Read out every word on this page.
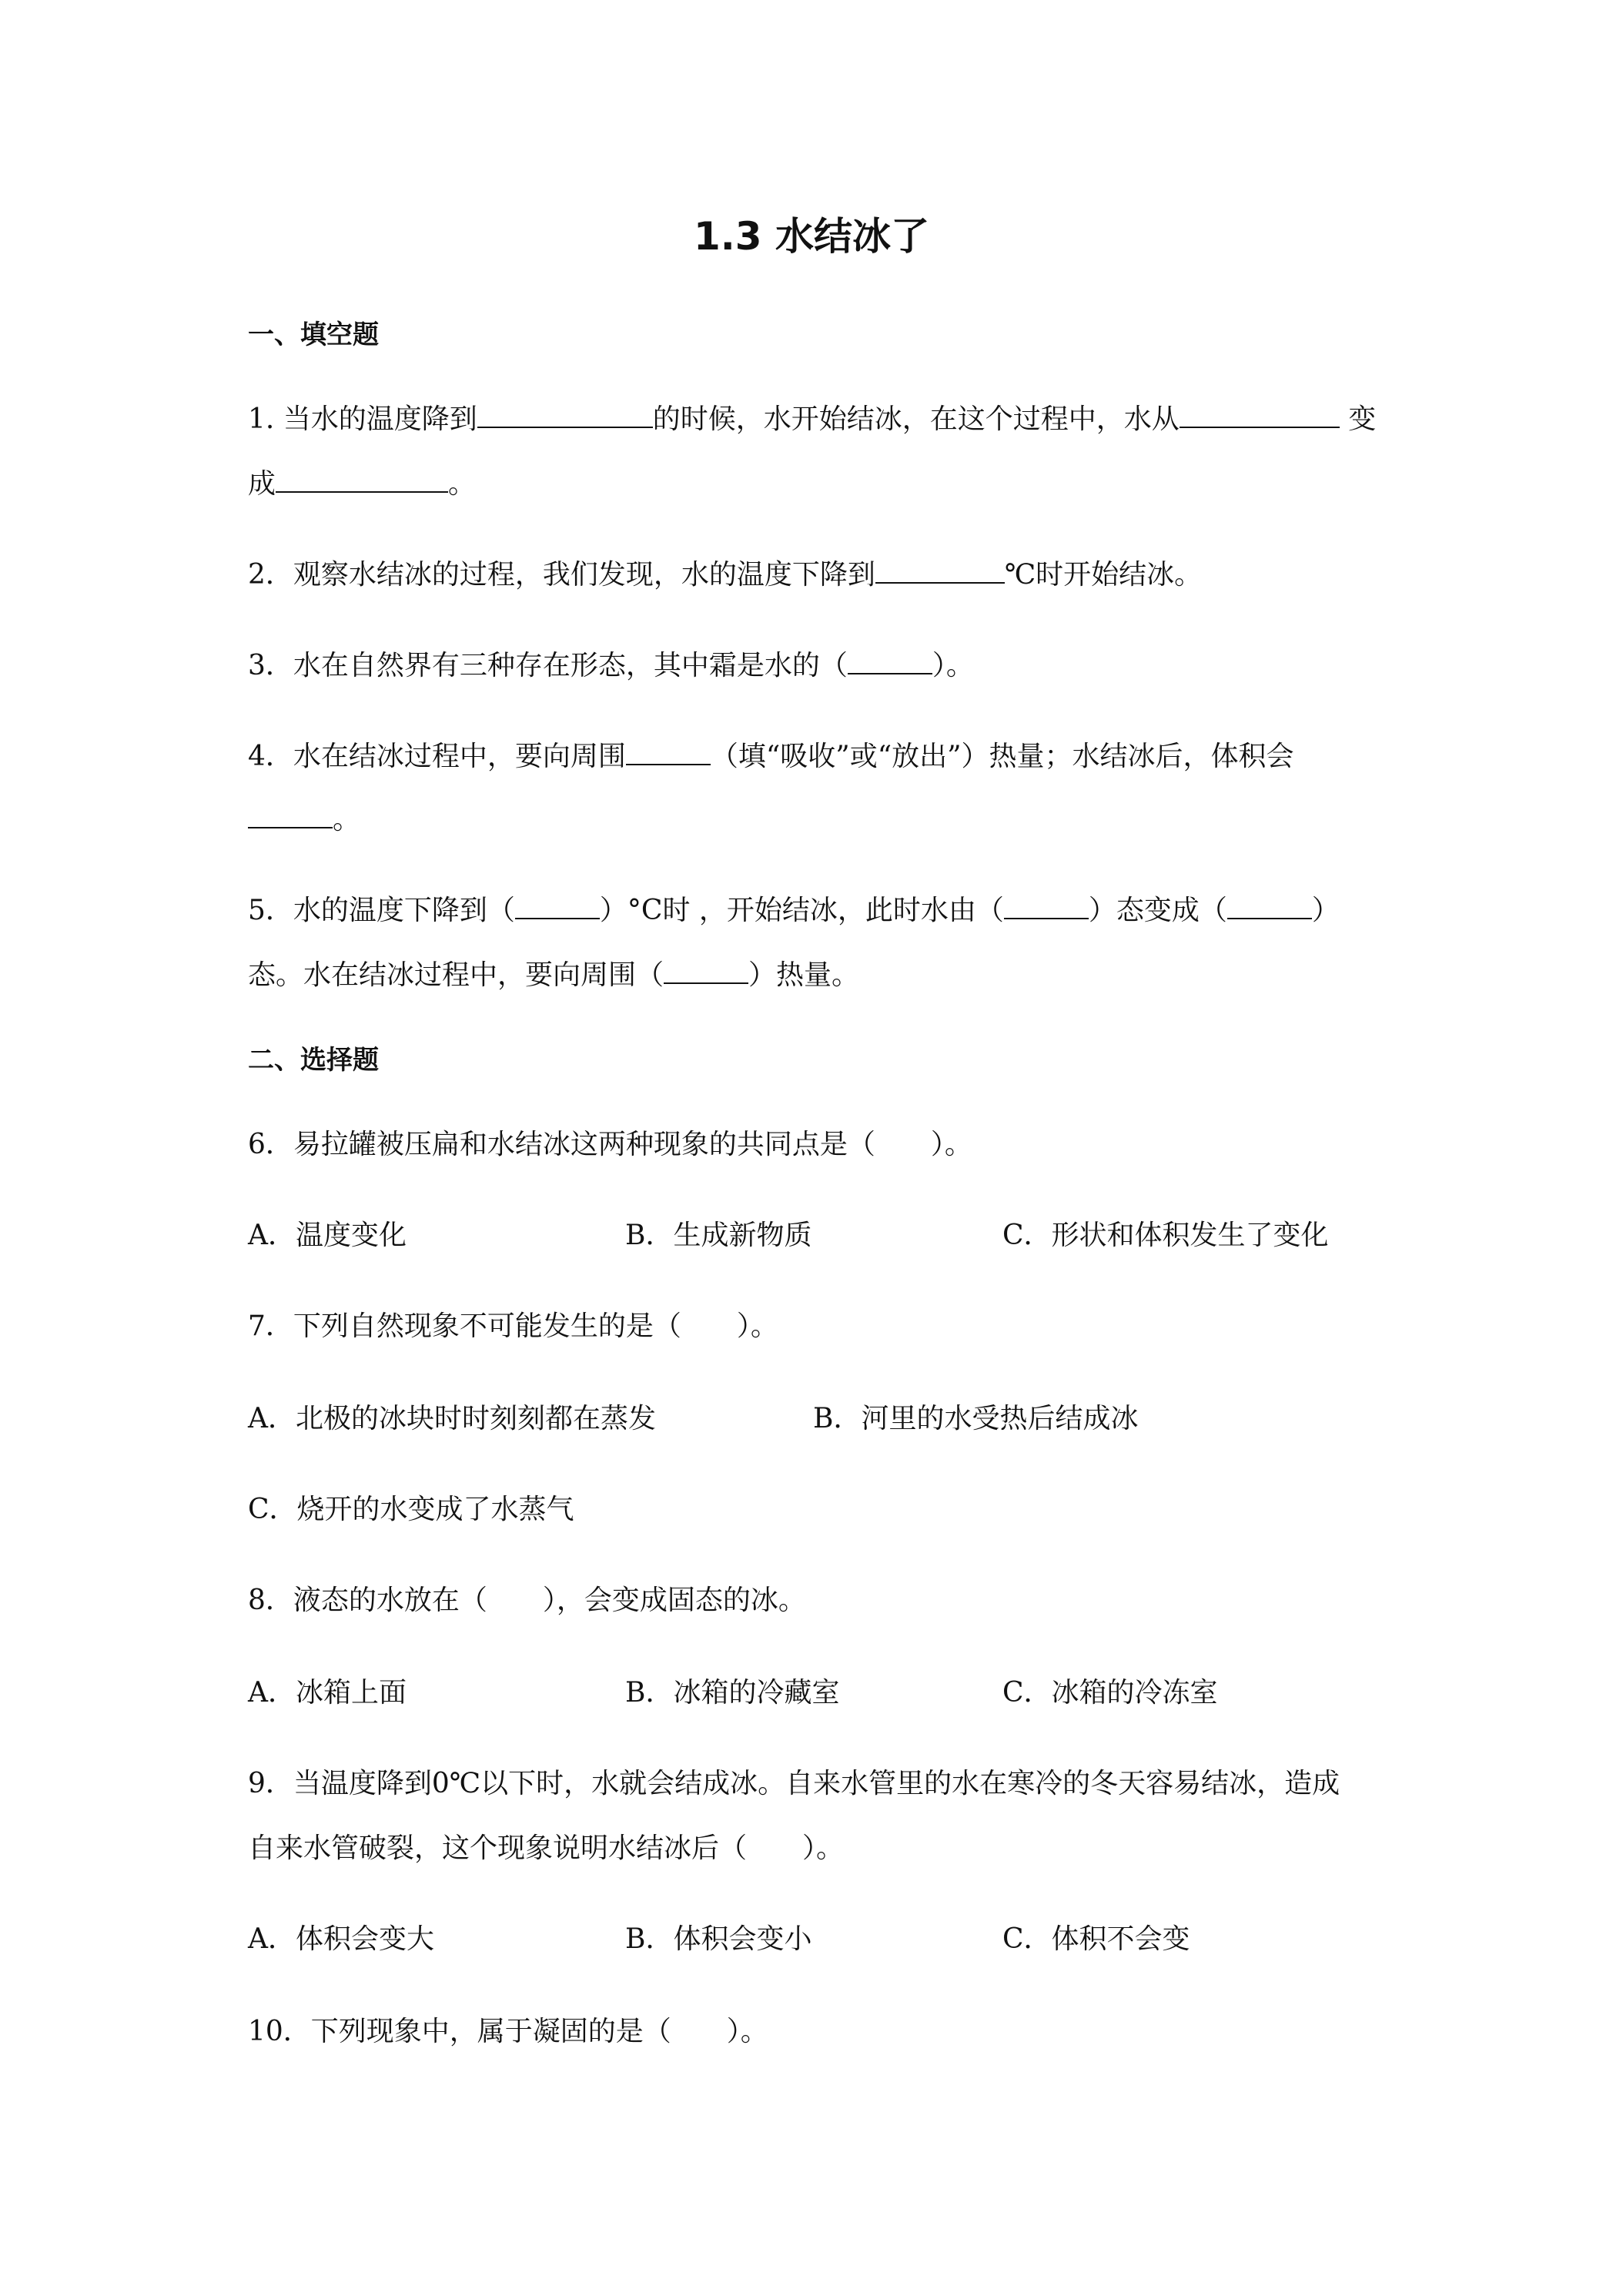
1.3 水结冰了
一、填空题
1. 当水的温度降到	的时候，水开始结冰，在这个过程中，水从	变
成	。
2．观察水结冰的过程，我们发现，水的温度下降到	℃时开始结冰。
3．水在自然界有三种存在形态，其中霜是水的（	）。
4．水在结冰过程中，要向周围	（填“吸收”或“放出”）热量；水结冰后，体积会
。
5．水的温度下降到（	）°C时 ，开始结冰，此时水由（	）态变成（	）
态。水在结冰过程中，要向周围（	）热量。
二、选择题
6．易拉罐被压扁和水结冰这两种现象的共同点是（　　）。
A．温度变化	B．生成新物质	C．形状和体积发生了变化
7．下列自然现象不可能发生的是（　　）。
A．北极的冰块时时刻刻都在蒸发	B．河里的水受热后结成冰
C．烧开的水变成了水蒸气
8．液态的水放在（　　），会变成固态的冰。
A．冰箱上面	B．冰箱的冷藏室	C．冰箱的冷冻室
9．当温度降到0℃以下时，水就会结成冰。自来水管里的水在寒冷的冬天容易结冰，造成
自来水管破裂，这个现象说明水结冰后（　　）。
A．体积会变大	B．体积会变小	C．体积不会变
10．下列现象中，属于凝固的是（　　）。
